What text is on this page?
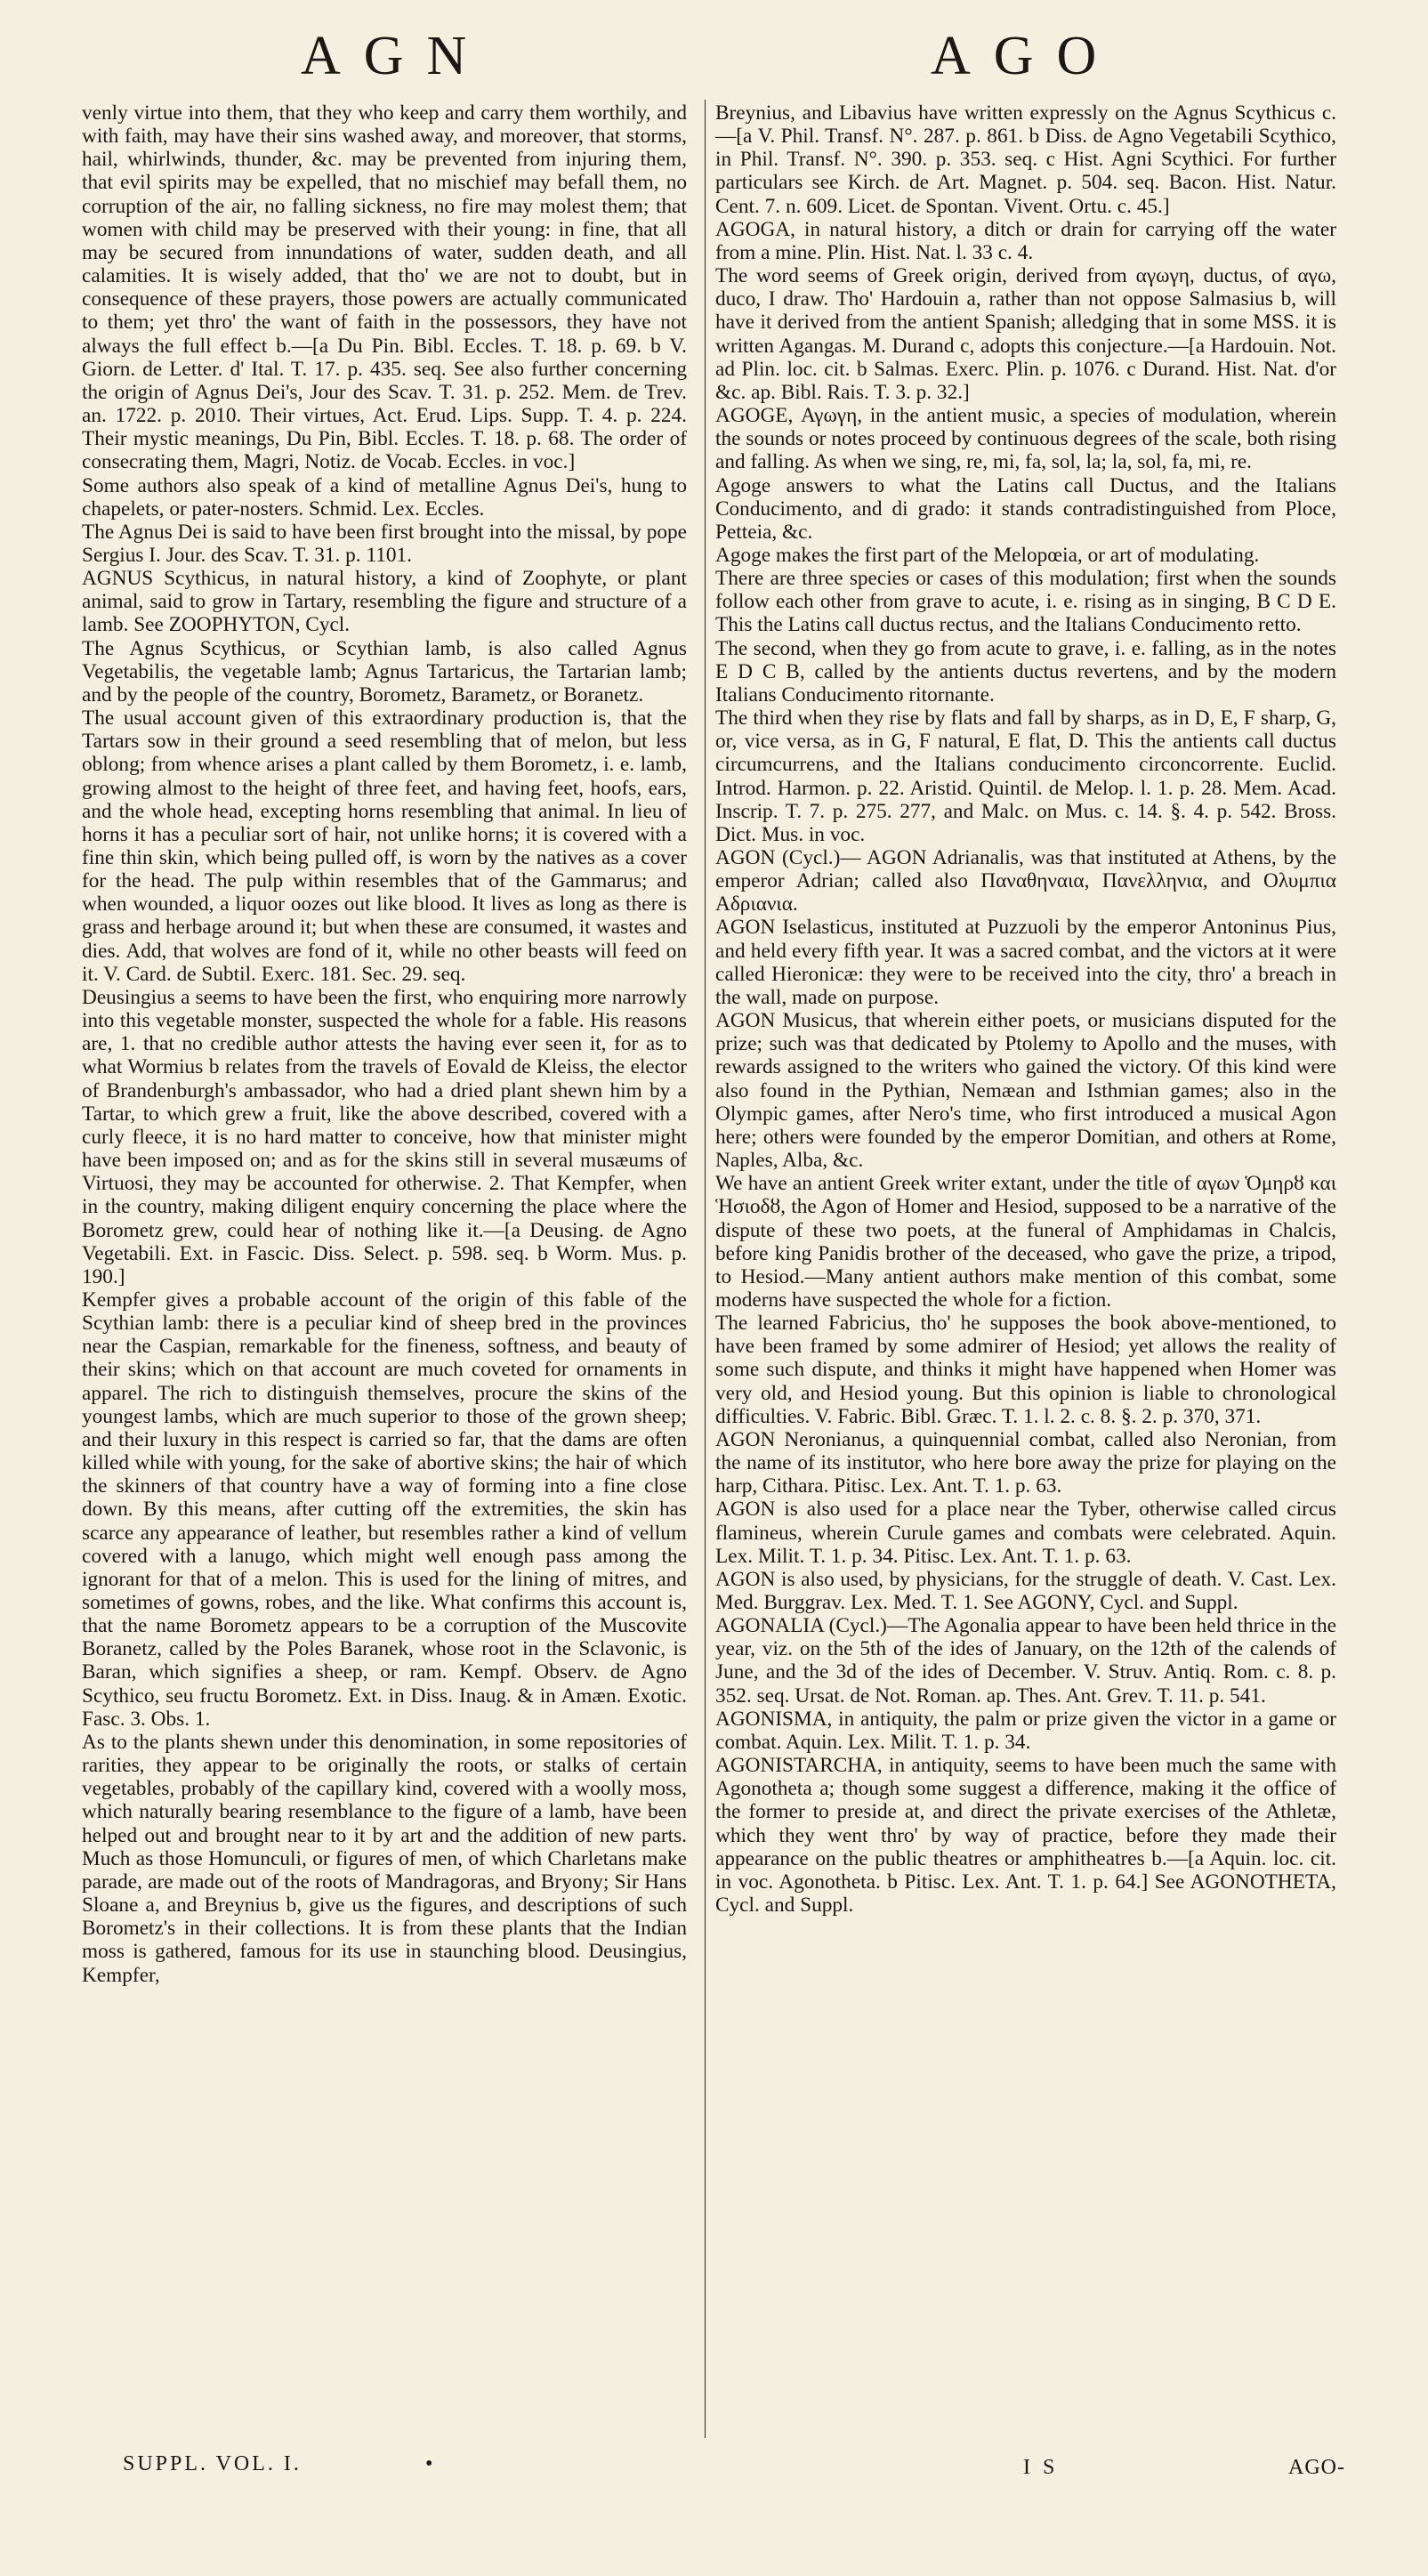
AGN	AGO

venly virtue into them, that they who keep and carry them worthily, and with faith, may have their sins washed away, and moreover, that storms, hail, whirlwinds, thunder, &c. may be prevented from injuring them, that evil spirits may be expelled, that no mischief may befall them, no corruption of the air, no falling sickness, no fire may molest them; that women with child may be preserved with their young: in fine, that all may be secured from innundations of water, sudden death, and all calamities. It is wisely added, that tho' we are not to doubt, but in consequence of these prayers, those powers are actually communicated to them; yet thro' the want of faith in the possessors, they have not always the full effect b.—[a Du Pin. Bibl. Eccles. T. 18. p. 69. b V. Giorn. de Letter. d' Ital. T. 17. p. 435. seq. See also further concerning the origin of Agnus Dei's, Jour des Scav. T. 31. p. 252. Mem. de Trev. an. 1722. p. 2010. Their virtues, Act. Erud. Lips. Supp. T. 4. p. 224. Their mystic meanings, Du Pin, Bibl. Eccles. T. 18. p. 68. The order of consecrating them, Magri, Notiz. de Vocab. Eccles. in voc.]

Some authors also speak of a kind of metalline Agnus Dei's, hung to chapelets, or pater-nosters. Schmid. Lex. Eccles.

The Agnus Dei is said to have been first brought into the missal, by pope Sergius I. Jour. des Scav. T. 31. p. 1101.

AGNUS Scythicus, in natural history, a kind of Zoophyte, or plant animal, said to grow in Tartary, resembling the figure and structure of a lamb. See ZOOPHYTON, Cycl.

The Agnus Scythicus, or Scythian lamb, is also called Agnus Vegetabilis, the vegetable lamb; Agnus Tartaricus, the Tartarian lamb; and by the people of the country, Borometz, Barametz, or Boranetz.

The usual account given of this extraordinary production is, that the Tartars sow in their ground a seed resembling that of melon, but less oblong; from whence arises a plant called by them Borometz, i. e. lamb, growing almost to the height of three feet, and having feet, hoofs, ears, and the whole head, excepting horns resembling that animal. In lieu of horns it has a peculiar sort of hair, not unlike horns; it is covered with a fine thin skin, which being pulled off, is worn by the natives as a cover for the head. The pulp within resembles that of the Gammarus; and when wounded, a liquor oozes out like blood. It lives as long as there is grass and herbage around it; but when these are consumed, it wastes and dies. Add, that wolves are fond of it, while no other beasts will feed on it. V. Card. de Subtil. Exerc. 181. Sec. 29. seq.

Deusingius a seems to have been the first, who enquiring more narrowly into this vegetable monster, suspected the whole for a fable. His reasons are, 1. that no credible author attests the having ever seen it, for as to what Wormius b relates from the travels of Eovald de Kleiss, the elector of Brandenburgh's ambassador, who had a dried plant shewn him by a Tartar, to which grew a fruit, like the above described, covered with a curly fleece, it is no hard matter to conceive, how that minister might have been imposed on; and as for the skins still in several musæums of Virtuosi, they may be accounted for otherwise. 2. That Kempfer, when in the country, making diligent enquiry concerning the place where the Borometz grew, could hear of nothing like it.—[a Deusing. de Agno Vegetabili. Ext. in Fascic. Diss. Select. p. 598. seq. b Worm. Mus. p. 190.]

Kempfer gives a probable account of the origin of this fable of the Scythian lamb: there is a peculiar kind of sheep bred in the provinces near the Caspian, remarkable for the fineness, softness, and beauty of their skins; which on that account are much coveted for ornaments in apparel. The rich to distinguish themselves, procure the skins of the youngest lambs, which are much superior to those of the grown sheep; and their luxury in this respect is carried so far, that the dams are often killed while with young, for the sake of abortive skins; the hair of which the skinners of that country have a way of forming into a fine close down. By this means, after cutting off the extremities, the skin has scarce any appearance of leather, but resembles rather a kind of vellum covered with a lanugo, which might well enough pass among the ignorant for that of a melon. This is used for the lining of mitres, and sometimes of gowns, robes, and the like. What confirms this account is, that the name Borometz appears to be a corruption of the Muscovite Boranetz, called by the Poles Baranek, whose root in the Sclavonic, is Baran, which signifies a sheep, or ram. Kempf. Observ. de Agno Scythico, seu fructu Borometz. Ext. in Diss. Inaug. & in Amæn. Exotic. Fasc. 3. Obs. 1.

As to the plants shewn under this denomination, in some repositories of rarities, they appear to be originally the roots, or stalks of certain vegetables, probably of the capillary kind, covered with a woolly moss, which naturally bearing resemblance to the figure of a lamb, have been helped out and brought near to it by art and the addition of new parts. Much as those Homunculi, or figures of men, of which Charletans make parade, are made out of the roots of Mandragoras, and Bryony; Sir Hans Sloane a, and Breynius b, give us the figures, and descriptions of such Borometz's in their collections. It is from these plants that the Indian moss is gathered, famous for its use in staunching blood. Deusingius, Kempfer,

Breynius, and Libavius have written expressly on the Agnus Scythicus c.—[a V. Phil. Transf. N°. 287. p. 861. b Diss. de Agno Vegetabili Scythico, in Phil. Transf. N°. 390. p. 353. seq. c Hist. Agni Scythici. For further particulars see Kirch. de Art. Magnet. p. 504. seq. Bacon. Hist. Natur. Cent. 7. n. 609. Licet. de Spontan. Vivent. Ortu. c. 45.]

AGOGA, in natural history, a ditch or drain for carrying off the water from a mine. Plin. Hist. Nat. l. 33 c. 4.

The word seems of Greek origin, derived from αγωγη, ductus, of αγω, duco, I draw. Tho' Hardouin a, rather than not oppose Salmasius b, will have it derived from the antient Spanish; alledging that in some MSS. it is written Agangas. M. Durand c, adopts this conjecture.—[a Hardouin. Not. ad Plin. loc. cit. b Salmas. Exerc. Plin. p. 1076. c Durand. Hist. Nat. d'or &c. ap. Bibl. Rais. T. 3. p. 32.]

AGOGE, Αγωγη, in the antient music, a species of modulation, wherein the sounds or notes proceed by continuous degrees of the scale, both rising and falling. As when we sing, re, mi, fa, sol, la; la, sol, fa, mi, re.

Agoge answers to what the Latins call Ductus, and the Italians Conducimento, and di grado: it stands contradistinguished from Ploce, Petteia, &c.

Agoge makes the first part of the Melopœia, or art of modulating.

There are three species or cases of this modulation; first when the sounds follow each other from grave to acute, i. e. rising as in singing, B C D E. This the Latins call ductus rectus, and the Italians Conducimento retto.

The second, when they go from acute to grave, i. e. falling, as in the notes E D C B, called by the antients ductus revertens, and by the modern Italians Conducimento ritornante.

The third when they rise by flats and fall by sharps, as in D, E, F sharp, G, or, vice versa, as in G, F natural, E flat, D. This the antients call ductus circumcurrens, and the Italians conducimento circoncorrente. Euclid. Introd. Harmon. p. 22. Aristid. Quintil. de Melop. l. 1. p. 28. Mem. Acad. Inscrip. T. 7. p. 275. 277, and Malc. on Mus. c. 14. §. 4. p. 542. Bross. Dict. Mus. in voc.

AGON (Cycl.)— AGON Adrianalis, was that instituted at Athens, by the emperor Adrian; called also Παναθηναια, Πανελληνια, and Ολυμπια Αδριανια.

AGON Iselasticus, instituted at Puzzuoli by the emperor Antoninus Pius, and held every fifth year. It was a sacred combat, and the victors at it were called Hieronicæ: they were to be received into the city, thro' a breach in the wall, made on purpose.

AGON Musicus, that wherein either poets, or musicians disputed for the prize; such was that dedicated by Ptolemy to Apollo and the muses, with rewards assigned to the writers who gained the victory. Of this kind were also found in the Pythian, Nemæan and Isthmian games; also in the Olympic games, after Nero's time, who first introduced a musical Agon here; others were founded by the emperor Domitian, and others at Rome, Naples, Alba, &c.

We have an antient Greek writer extant, under the title of αγων Ὁμηρȣ και Ἡσιοδȣ, the Agon of Homer and Hesiod, supposed to be a narrative of the dispute of these two poets, at the funeral of Amphidamas in Chalcis, before king Panidis brother of the deceased, who gave the prize, a tripod, to Hesiod.—Many antient authors make mention of this combat, some moderns have suspected the whole for a fiction.

The learned Fabricius, tho' he supposes the book above-mentioned, to have been framed by some admirer of Hesiod; yet allows the reality of some such dispute, and thinks it might have happened when Homer was very old, and Hesiod young. But this opinion is liable to chronological difficulties. V. Fabric. Bibl. Græc. T. 1. l. 2. c. 8. §. 2. p. 370, 371.

AGON Neronianus, a quinquennial combat, called also Neronian, from the name of its institutor, who here bore away the prize for playing on the harp, Cithara. Pitisc. Lex. Ant. T. 1. p. 63.

AGON is also used for a place near the Tyber, otherwise called circus flamineus, wherein Curule games and combats were celebrated. Aquin. Lex. Milit. T. 1. p. 34. Pitisc. Lex. Ant. T. 1. p. 63.

AGON is also used, by physicians, for the struggle of death. V. Cast. Lex. Med. Burggrav. Lex. Med. T. 1. See AGONY, Cycl. and Suppl.

AGONALIA (Cycl.)—The Agonalia appear to have been held thrice in the year, viz. on the 5th of the ides of January, on the 12th of the calends of June, and the 3d of the ides of December. V. Struv. Antiq. Rom. c. 8. p. 352. seq. Ursat. de Not. Roman. ap. Thes. Ant. Grev. T. 11. p. 541.

AGONISMA, in antiquity, the palm or prize given the victor in a game or combat. Aquin. Lex. Milit. T. 1. p. 34.

AGONISTARCHA, in antiquity, seems to have been much the same with Agonotheta a; though some suggest a difference, making it the office of the former to preside at, and direct the private exercises of the Athletæ, which they went thro' by way of practice, before they made their appearance on the public theatres or amphitheatres b.—[a Aquin. loc. cit. in voc. Agonotheta. b Pitisc. Lex. Ant. T. 1. p. 64.] See AGONOTHETA, Cycl. and Suppl.

SUPPL. VOL. I.	•	I S	AGO-
